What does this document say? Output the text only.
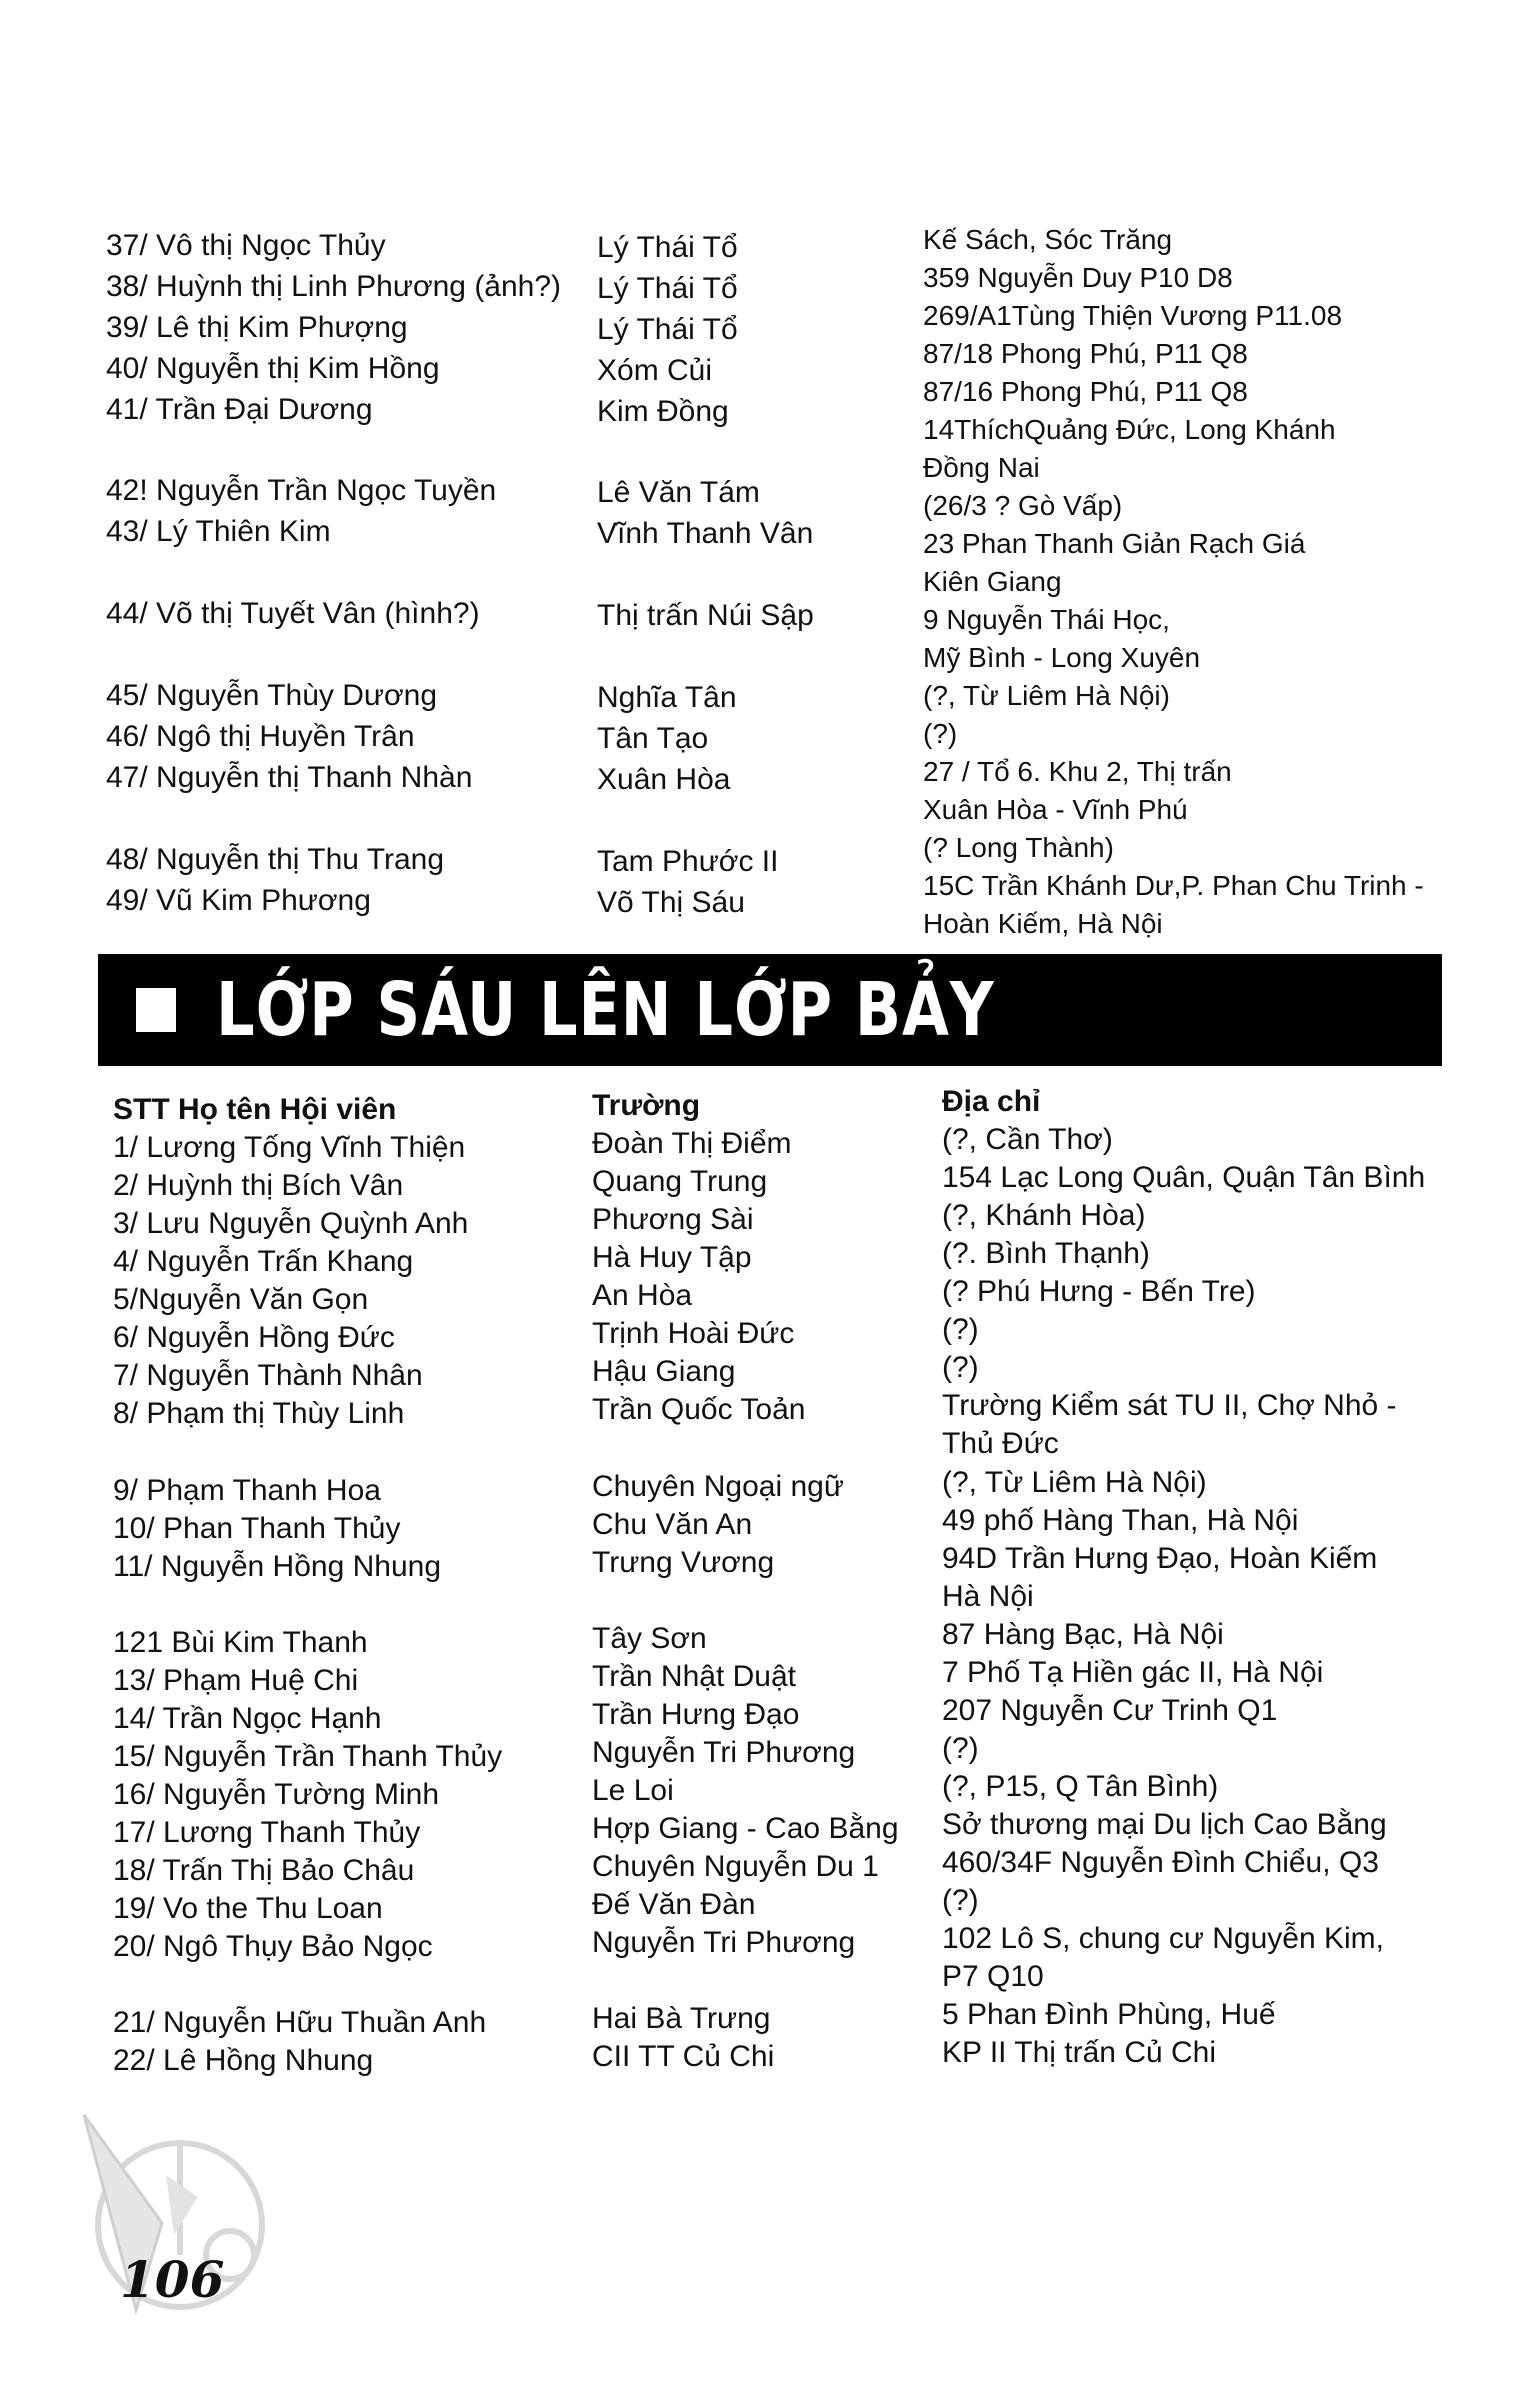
37/ Vô thị Ngọc Thủy
38/ Huỳnh thị Linh Phương (ảnh?)
39/ Lê thị Kim Phượng
40/ Nguyễn thị Kim Hồng
41/ Trần Đại Dương
42! Nguyễn Trần Ngọc Tuyền
43/ Lý Thiên Kim
44/ Võ thị Tuyết Vân (hình?)
45/ Nguyễn Thùy Dương
46/ Ngô thị Huyền Trân
47/ Nguyễn thị Thanh Nhàn
48/ Nguyễn thị Thu Trang
49/ Vũ Kim Phương
Lý Thái Tổ
Lý Thái Tổ
Lý Thái Tổ
Xóm Củi
Kim Đồng
Lê Văn Tám
Vĩnh Thanh Vân
Thị trấn Núi Sập
Nghĩa Tân
Tân Tạo
Xuân Hòa
Tam Phước II
Võ Thị Sáu
Kế Sách, Sóc Trăng
359 Nguyễn Duy P10 D8
269/A1Tùng Thiện Vương P11.08
87/18 Phong Phú, P11 Q8
87/16 Phong Phú, P11 Q8
14ThíchQuảng Đức, Long Khánh
Đồng Nai
(26/3 ? Gò Vấp)
23 Phan Thanh Giản Rạch Giá
Kiên Giang
9 Nguyễn Thái Học,
Mỹ Bình - Long Xuyên
(?, Từ Liêm Hà Nội)
(?)
27 / Tổ 6. Khu 2, Thị trấn
Xuân Hòa - Vĩnh Phú
(? Long Thành)
15C Trần Khánh Dư,P. Phan Chu Trinh -
Hoàn Kiếm, Hà Nội
LỚP SÁU LÊN LỚP BẢY
STT Họ tên Hội viên	Trường	Địa chỉ
1/ Lương Tống Vĩnh Thiện
2/ Huỳnh thị Bích Vân
3/ Lưu Nguyễn Quỳnh Anh
4/ Nguyễn Trấn Khang
5/Nguyễn Văn Gọn
6/ Nguyễn Hồng Đức
7/ Nguyễn Thành Nhân
8/ Phạm thị Thùy Linh
9/ Phạm Thanh Hoa
10/ Phan Thanh Thủy
11/ Nguyễn Hồng Nhung
121 Bùi Kim Thanh
13/ Phạm Huệ Chi
14/ Trần Ngọc Hạnh
15/ Nguyễn Trần Thanh Thủy
16/ Nguyễn Tường Minh
17/ Lương Thanh Thủy
18/ Trấn Thị Bảo Châu
19/ Vo the Thu Loan
20/ Ngô Thụy Bảo Ngọc
21/ Nguyễn Hữu Thuần Anh
22/ Lê Hồng Nhung
Đoàn Thị Điểm
Quang Trung
Phương Sài
Hà Huy Tập
An Hòa
Trịnh Hoài Đức
Hậu Giang
Trần Quốc Toản
Chuyên Ngoại ngữ
Chu Văn An
Trưng Vương
Tây Sơn
Trần Nhật Duật
Trần Hưng Đạo
Nguyễn Tri Phương
Le Loi
Hợp Giang - Cao Bằng
Chuyên Nguyễn Du 1
Đế Văn Đàn
Nguyễn Tri Phương
Hai Bà Trưng
CII TT Củ Chi
(?, Cần Thơ)
154 Lạc Long Quân, Quận Tân Bình
(?, Khánh Hòa)
(?. Bình Thạnh)
(? Phú Hưng - Bến Tre)
(?)
(?)
Trường Kiểm sát TU II, Chợ Nhỏ -
Thủ Đức
(?, Từ Liêm Hà Nội)
49 phố Hàng Than, Hà Nội
94D Trần Hưng Đạo, Hoàn Kiếm
Hà Nội
87 Hàng Bạc, Hà Nội
7 Phố Tạ Hiền gác II, Hà Nội
207 Nguyễn Cư Trinh Q1
(?)
(?, P15, Q Tân Bình)
Sở thương mại Du lịch Cao Bằng
460/34F Nguyễn Đình Chiểu, Q3
(?)
102 Lô S, chung cư Nguyễn Kim,
P7 Q10
5 Phan Đình Phùng, Huế
KP II Thị trấn Củ Chi
106
